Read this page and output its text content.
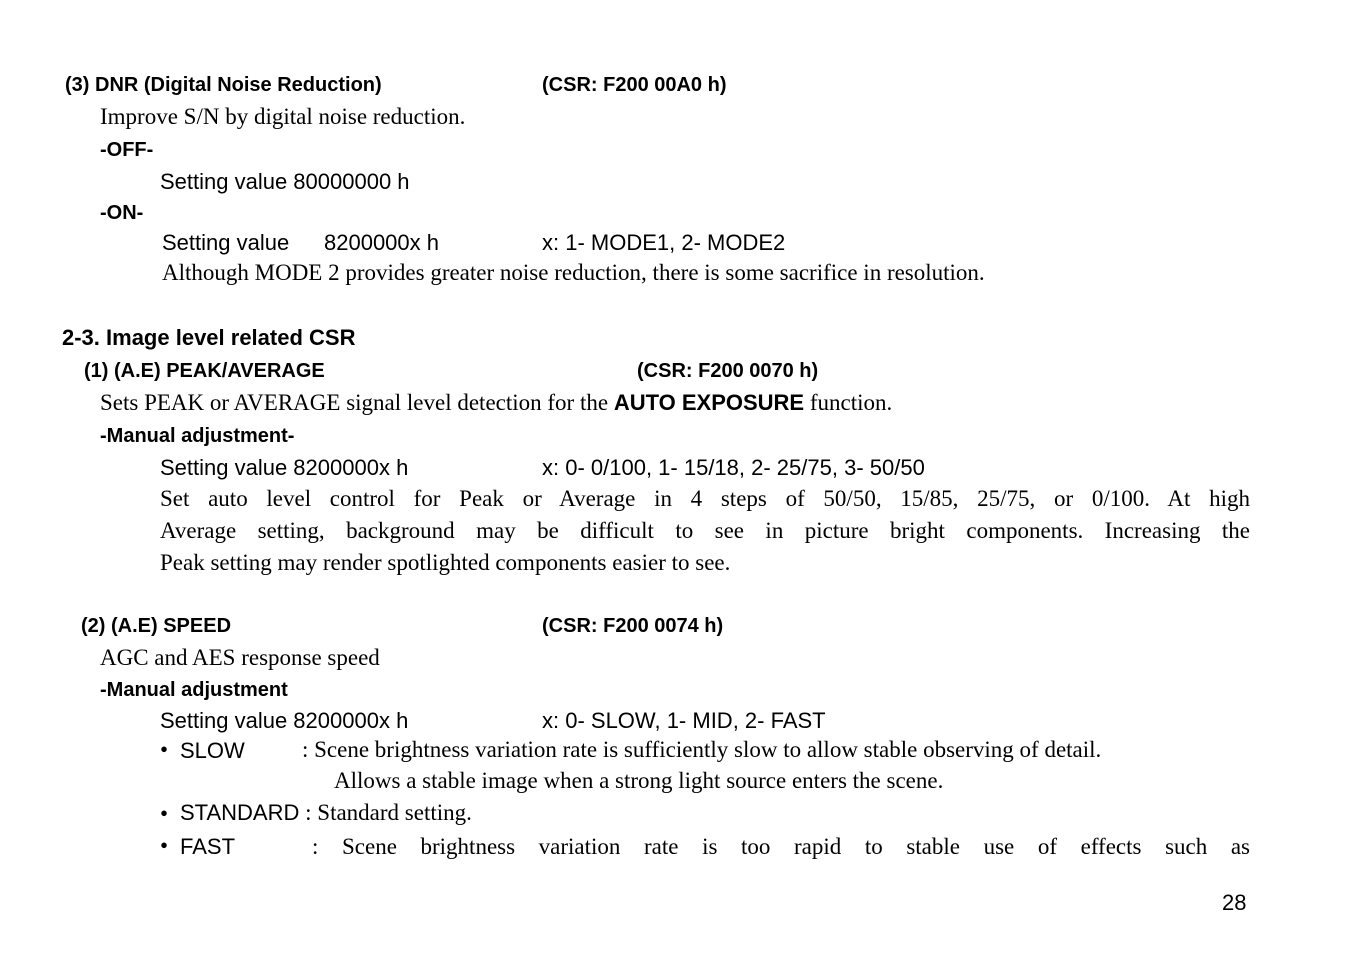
(3) DNR (Digital Noise Reduction)	(CSR: F200 00A0 h)
Improve S/N by digital noise reduction.
-OFF-
Setting value 80000000 h
-ON-
Setting value 8200000x h	x: 1- MODE1, 2- MODE2
Although MODE 2 provides greater noise reduction, there is some sacrifice in resolution.
2-3. Image level related CSR
(1) (A.E) PEAK/AVERAGE	(CSR: F200 0070 h)
Sets PEAK or AVERAGE signal level detection for the AUTO EXPOSURE function.
-Manual adjustment-
Setting value 8200000x h	x: 0- 0/100, 1- 15/18, 2- 25/75, 3- 50/50
Set auto level control for Peak or Average in 4 steps of 50/50, 15/85, 25/75, or 0/100. At high
Average setting, background may be difficult to see in picture bright components. Increasing the
Peak setting may render spotlighted components easier to see.
(2) (A.E) SPEED	(CSR: F200 0074 h)
AGC and AES response speed
-Manual adjustment
Setting value 8200000x h	x: 0- SLOW, 1- MID, 2- FAST
• SLOW : Scene brightness variation rate is sufficiently slow to allow stable observing of detail.
Allows a stable image when a strong light source enters the scene.
• STANDARD : Standard setting.
• FAST	: Scene brightness variation rate is too rapid to stable use of effects such as
28
